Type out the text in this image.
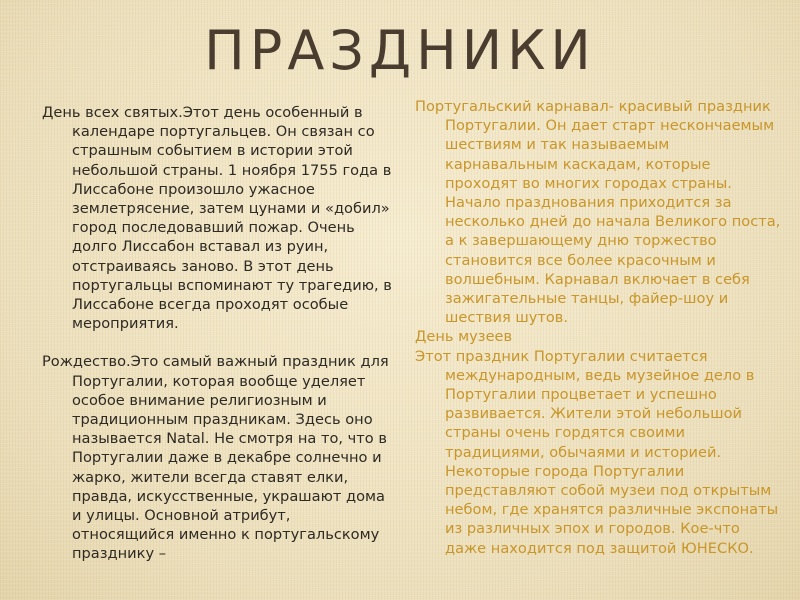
ПРАЗДНИКИ

День всех святых.Этот день особенный в календаре португальцев. Он связан со страшным событием в истории этой небольшой страны. 1 ноября 1755 года в Лиссабоне произошло ужасное землетрясение, затем цунами и «добил» город последовавший пожар. Очень долго Лиссабон вставал из руин, отстраиваясь заново. В этот день португальцы вспоминают ту трагедию, в Лиссабоне всегда проходят особые мероприятия.

Рождество.Это самый важный праздник для Португалии, которая вообще уделяет особое внимание религиозным и традиционным праздникам. Здесь оно называется Natal. Не смотря на то, что в Португалии даже в декабре солнечно и жарко, жители всегда ставят елки, правда, искусственные, украшают дома и улицы. Основной атрибут, относящийся именно к португальскому празднику –

Португальский карнавал- красивый праздник Португалии. Он дает старт нескончаемым шествиям и так называемым карнавальным каскадам, которые проходят во многих городах страны. Начало празднования приходится за несколько дней до начала Великого поста, а к завершающему дню торжество становится все более красочным и волшебным. Карнавал включает в себя зажигательные танцы, файер-шоу и шествия шутов.

День музеев

Этот праздник Португалии считается международным, ведь музейное дело в Португалии процветает и успешно развивается. Жители этой небольшой страны очень гордятся своими традициями, обычаями и историей. Некоторые города Португалии представляют собой музеи под открытым небом, где хранятся различные экспонаты из различных эпох и городов. Кое-что даже находится под защитой ЮНЕСКО.
